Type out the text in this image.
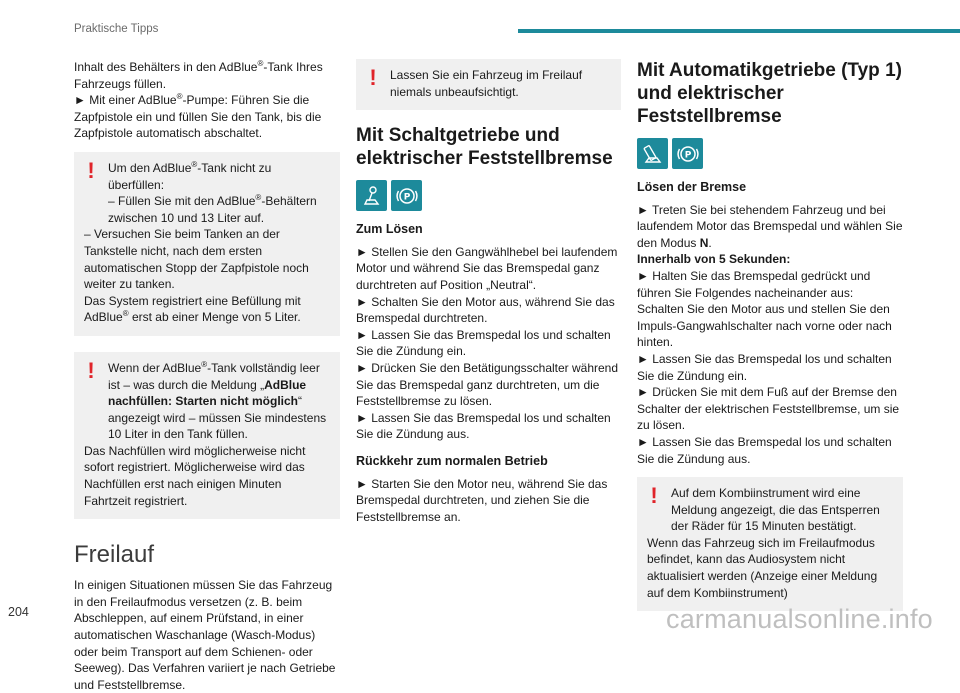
Praktische Tipps

Inhalt des Behälters in den AdBlue®-Tank Ihres Fahrzeugs füllen.

► Mit einer AdBlue®-Pumpe: Führen Sie die Zapfpistole ein und füllen Sie den Tank, bis die Zapfpistole automatisch abschaltet.

!	Um den AdBlue®-Tank nicht zu überfüllen:

– Füllen Sie mit den AdBlue®-Behältern zwischen 10 und 13 Liter auf.

– Versuchen Sie beim Tanken an der Tankstelle nicht, nach dem ersten automatischen Stopp der Zapfpistole noch weiter zu tanken.

Das System registriert eine Befüllung mit AdBlue® erst ab einer Menge von 5 Liter.

!	Wenn der AdBlue®-Tank vollständig leer ist – was durch die Meldung „AdBlue nachfüllen: Starten nicht möglich“ angezeigt wird – müssen Sie mindestens 10 Liter in den Tank füllen.

Das Nachfüllen wird möglicherweise nicht sofort registriert. Möglicherweise wird das Nachfüllen erst nach einigen Minuten Fahrtzeit registriert.

Freilauf

In einigen Situationen müssen Sie das Fahrzeug in den Freilaufmodus versetzen (z. B. beim Abschleppen, auf einem Prüfstand, in einer automatischen Waschanlage (Wasch-Modus) oder beim Transport auf dem Schienen- oder Seeweg). Das Verfahren variiert je nach Getriebe und Feststellbremse.

!	Lassen Sie ein Fahrzeug im Freilauf niemals unbeaufsichtigt.

Mit Schaltgetriebe und elektrischer Feststellbremse
P
Zum Lösen

► Stellen Sie den Gangwählhebel bei laufendem Motor und während Sie das Bremspedal ganz durchtreten auf Position „Neutral“.

► Schalten Sie den Motor aus, während Sie das Bremspedal durchtreten.

► Lassen Sie das Bremspedal los und schalten Sie die Zündung ein.

► Drücken Sie den Betätigungsschalter während Sie das Bremspedal ganz durchtreten, um die Feststellbremse zu lösen.

► Lassen Sie das Bremspedal los und schalten Sie die Zündung aus.

Rückkehr zum normalen Betrieb

► Starten Sie den Motor neu, während Sie das Bremspedal durchtreten, und ziehen Sie die Feststellbremse an.

Mit Automatikgetriebe (Typ 1) und elektrischer Feststellbremse
P
Lösen der Bremse

► Treten Sie bei stehendem Fahrzeug und bei laufendem Motor das Bremspedal und wählen Sie den Modus N.

Innerhalb von 5 Sekunden:

► Halten Sie das Bremspedal gedrückt und führen Sie Folgendes nacheinander aus: Schalten Sie den Motor aus und stellen Sie den Impuls-Gangwahlschalter nach vorne oder nach hinten.

► Lassen Sie das Bremspedal los und schalten Sie die Zündung ein.

► Drücken Sie mit dem Fuß auf der Bremse den Schalter der elektrischen Feststellbremse, um sie zu lösen.

► Lassen Sie das Bremspedal los und schalten Sie die Zündung aus.

!	Auf dem Kombiinstrument wird eine Meldung angezeigt, die das Entsperren der Räder für 15 Minuten bestätigt.

Wenn das Fahrzeug sich im Freilaufmodus befindet, kann das Audiosystem nicht aktualisiert werden (Anzeige einer Meldung auf dem Kombiinstrument)

204	carmanualsonline.info
